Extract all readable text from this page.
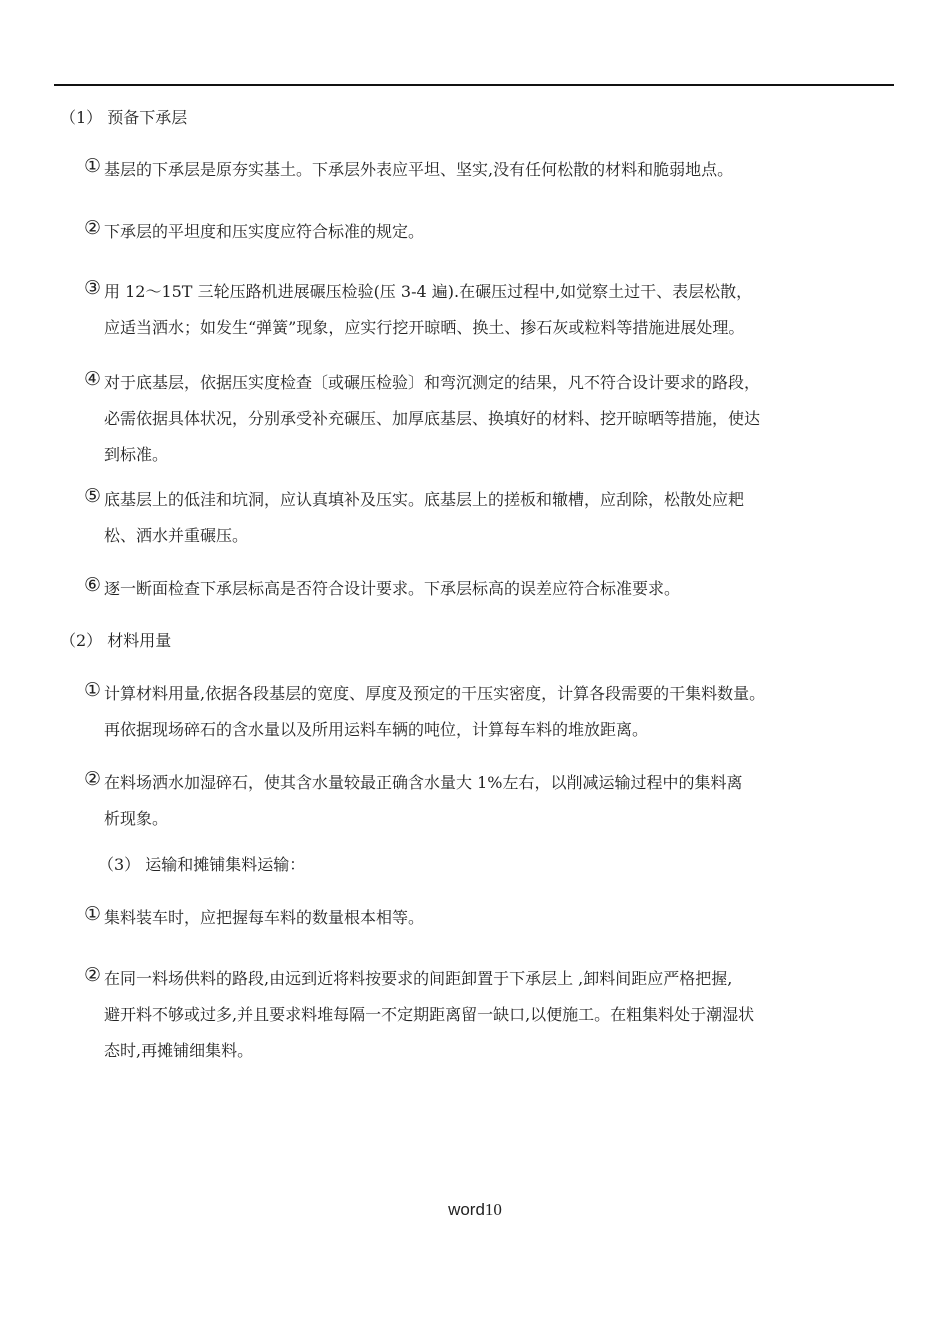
（1） 预备下承层
① 基层的下承层是原夯实基土。下承层外表应平坦、坚实,没有任何松散的材料和脆弱地点。
② 下承层的平坦度和压实度应符合标准的规定。
③ 用 12～15T 三轮压路机进展碾压检验(压 3-4 遍).在碾压过程中,如觉察土过干、表层松散，
应适当洒水；如发生“弹簧”现象，应实行挖开晾晒、换土、掺石灰或粒料等措施进展处理。
④ 对于底基层，依据压实度检查〔或碾压检验〕和弯沉测定的结果，凡不符合设计要求的路段，
必需依据具体状况，分别承受补充碾压、加厚底基层、换填好的材料、挖开晾晒等措施，使达
到标准。
⑤ 底基层上的低洼和坑洞，应认真填补及压实。底基层上的搓板和辙槽，应刮除，松散处应耙
松、洒水并重碾压。
⑥ 逐一断面检查下承层标高是否符合设计要求。下承层标高的误差应符合标准要求。
（2） 材料用量
① 计算材料用量,依据各段基层的宽度、厚度及预定的干压实密度，计算各段需要的干集料数量。
再依据现场碎石的含水量以及所用运料车辆的吨位，计算每车料的堆放距离。
② 在料场洒水加湿碎石，使其含水量较最正确含水量大 1%左右，以削减运输过程中的集料离
析现象。
（3） 运输和摊铺集料运输：
① 集料装车时，应把握每车料的数量根本相等。
② 在同一料场供料的路段,由远到近将料按要求的间距卸置于下承层上 ,卸料间距应严格把握,
避开料不够或过多,并且要求料堆每隔一不定期距离留一缺口,以便施工。在粗集料处于潮湿状
态时,再摊铺细集料。
word10
